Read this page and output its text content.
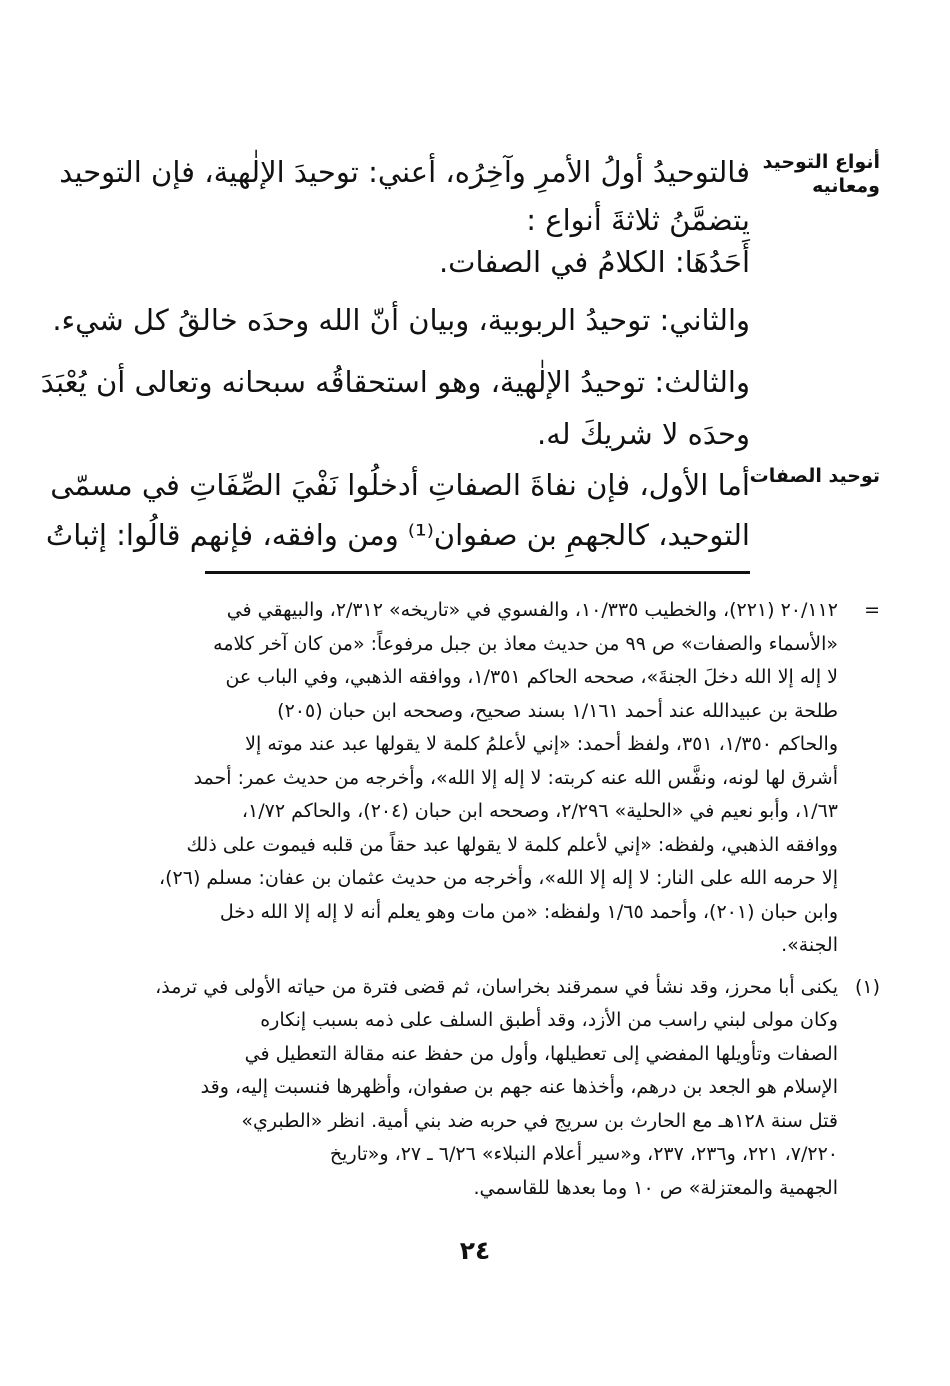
أنواع التوحيد
ومعانيه
توحيد الصفات
فالتوحيدُ أولُ الأمرِ وآخِرُه، أعني: توحيدَ الإلٰهية، فإن التوحيد
يتضمَّنُ ثلاثةَ أنواع :
أَحَدُهَا: الكلامُ في الصفات.
والثاني: توحيدُ الربوبية، وبيان أنّ الله وحدَه خالقُ كل شيء.
والثالث: توحيدُ الإلٰهية، وهو استحقاقُه سبحانه وتعالى أن يُعْبَدَ
وحدَه لا شريكَ له.
أما الأول، فإن نفاةَ الصفاتِ أدخلُوا نَفْيَ الصِّفَاتِ في مسمّى
التوحيد، كالجهمِ بن صفوان⁽¹⁾ ومن وافقه، فإنهم قالُوا: إثباتُ
=
٢٠/١١٢ (٢٢١)، والخطيب ١٠/٣٣٥، والفسوي في «تاريخه» ٢/٣١٢، والبيهقي في
«الأسماء والصفات» ص ٩٩ من حديث معاذ بن جبل مرفوعاً: «من كان آخر كلامه
لا إله إلا الله دخلَ الجنةَ»، صححه الحاكم ١/٣٥١، ووافقه الذهبي، وفي الباب عن
طلحة بن عبيدالله عند أحمد ١/١٦١ بسند صحيح، وصححه ابن حبان (٢٠٥)
والحاكم ١/٣٥٠، ٣٥١، ولفظ أحمد: «إني لأعلمُ كلمة لا يقولها عبد عند موته إلا
أشرق لها لونه، ونفَّس الله عنه كربته: لا إله إلا الله»، وأخرجه من حديث عمر: أحمد
١/٦٣، وأبو نعيم في «الحلية» ٢/٢٩٦، وصححه ابن حبان (٢٠٤)، والحاكم ١/٧٢،
ووافقه الذهبي، ولفظه: «إني لأعلم كلمة لا يقولها عبد حقاً من قلبه فيموت على ذلك
إلا حرمه الله على النار: لا إله إلا الله»، وأخرجه من حديث عثمان بن عفان: مسلم (٢٦)،
وابن حبان (٢٠١)، وأحمد ١/٦٥ ولفظه: «من مات وهو يعلم أنه لا إله إلا الله دخل
الجنة».
(١)
يكنى أبا محرز، وقد نشأ في سمرقند بخراسان، ثم قضى فترة من حياته الأولى في ترمذ،
وكان مولى لبني راسب من الأزد، وقد أطبق السلف على ذمه بسبب إنكاره
الصفات وتأويلها المفضي إلى تعطيلها، وأول من حفظ عنه مقالة التعطيل في
الإسلام هو الجعد بن درهم، وأخذها عنه جهم بن صفوان، وأظهرها فنسبت إليه، وقد
قتل سنة ١٢٨هـ مع الحارث بن سريج في حربه ضد بني أمية. انظر «الطبري»
٧/٢٢٠، ٢٢١، و٢٣٦، ٢٣٧، و«سير أعلام النبلاء» ٦/٢٦ ـ ٢٧، و«تاريخ
الجهمية والمعتزلة» ص ١٠ وما بعدها للقاسمي.
٢٤
